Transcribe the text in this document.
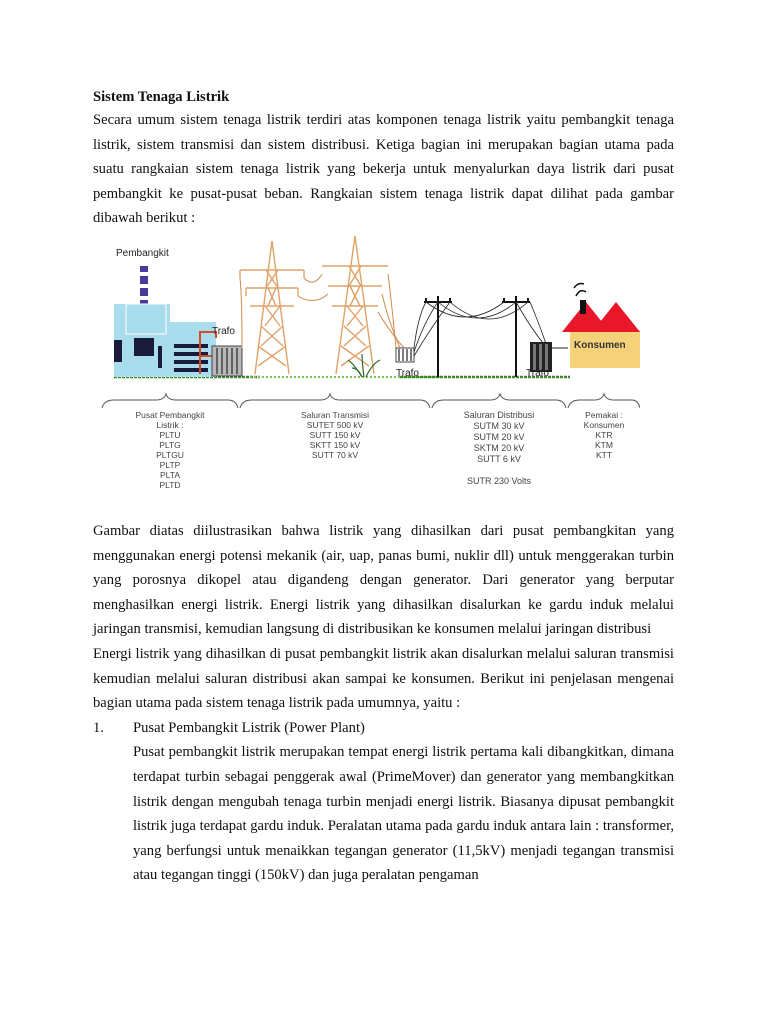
Sistem Tenaga Listrik

Secara umum sistem tenaga listrik terdiri atas komponen tenaga listrik yaitu pembangkit tenaga listrik, sistem transmisi dan sistem distribusi. Ketiga bagian ini merupakan bagian utama pada suatu rangkaian sistem tenaga listrik yang bekerja untuk menyalurkan daya listrik dari pusat pembangkit ke pusat-pusat beban. Rangkaian sistem tenaga listrik dapat dilihat pada gambar dibawah berikut :

Pembangkit
Trafo
Trafo	Trafo
Konsumen
Pusat Pembangkit
Listrik :
PLTU
PLTG
PLTGU
PLTP
PLTA
PLTD
Saluran Transmisi
SUTET 500 kV
SUTT 150 kV
SKTT 150 kV
SUTT 70 kV
Saluran Distribusi
SUTM 30 kV
SUTM 20 kV
SKTM 20 kV
SUTT 6 kV
SUTR 230 Volts
Pemakai :
Konsumen
KTR
KTM
KTT

Gambar diatas diilustrasikan bahwa listrik yang dihasilkan dari pusat pembangkitan yang menggunakan energi potensi mekanik (air, uap, panas bumi, nuklir dll) untuk menggerakan turbin yang porosnya dikopel atau digandeng dengan generator. Dari generator yang berputar menghasilkan energi listrik. Energi listrik yang dihasilkan disalurkan ke gardu induk melalui jaringan transmisi, kemudian langsung di distribusikan ke konsumen melalui jaringan distribusi

Energi listrik yang dihasilkan di pusat pembangkit listrik akan disalurkan melalui saluran transmisi kemudian melalui saluran distribusi akan sampai ke konsumen. Berikut ini penjelasan mengenai bagian utama pada sistem tenaga listrik pada umumnya, yaitu :

1. Pusat Pembangkit Listrik (Power Plant)

Pusat pembangkit listrik merupakan tempat energi listrik pertama kali dibangkitkan, dimana terdapat turbin sebagai penggerak awal (PrimeMover) dan generator yang membangkitkan listrik dengan mengubah tenaga turbin menjadi energi listrik. Biasanya dipusat pembangkit listrik juga terdapat gardu induk. Peralatan utama pada gardu induk antara lain : transformer, yang berfungsi untuk menaikkan tegangan generator (11,5kV) menjadi tegangan transmisi atau tegangan tinggi (150kV) dan juga peralatan pengaman
